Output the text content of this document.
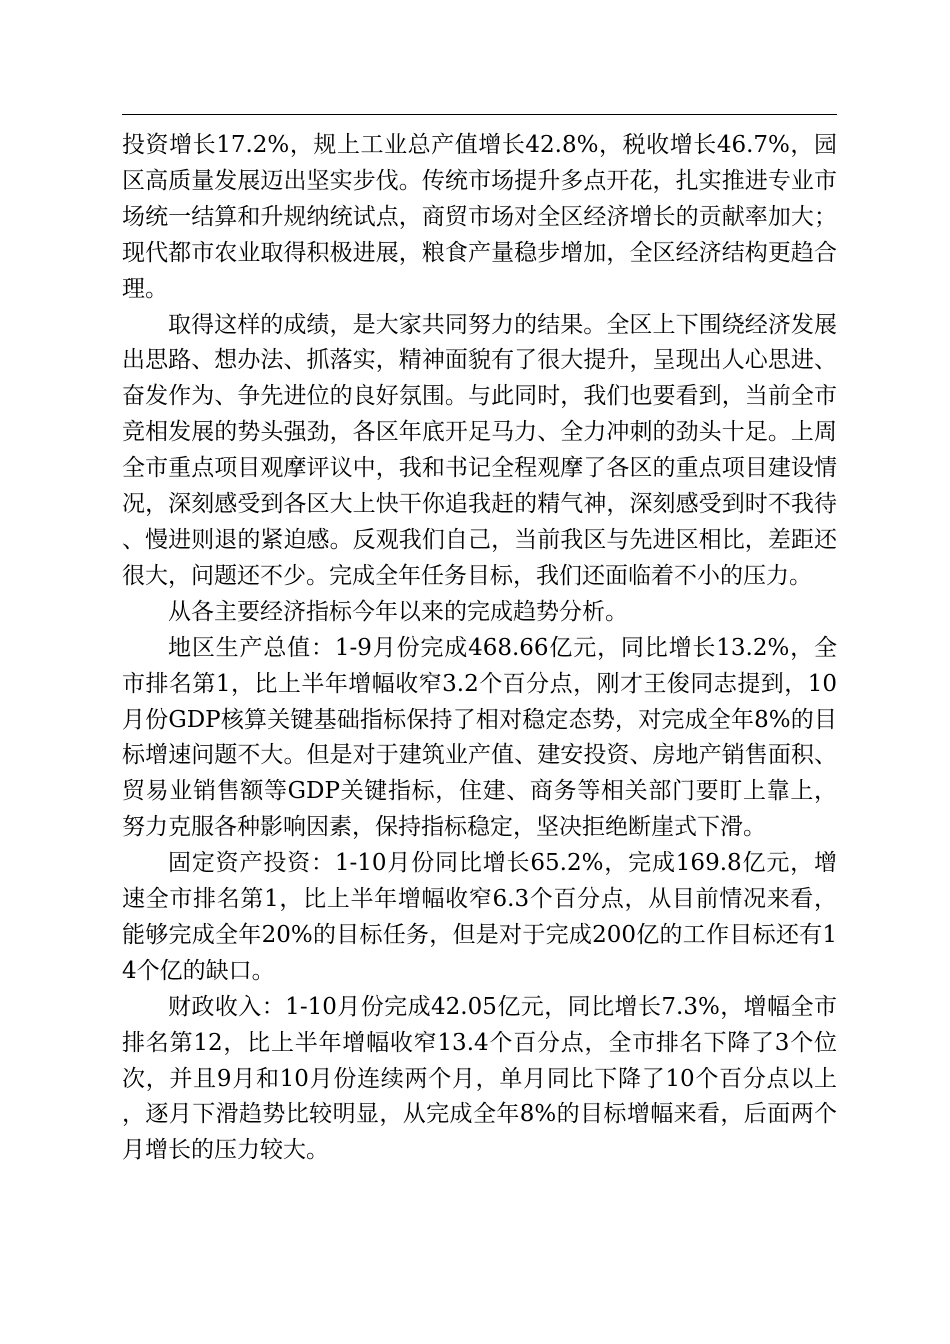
投资增长17.2%，规上工业总产值增长42.8%，税收增长46.7%，园区高质量发展迈出坚实步伐。传统市场提升多点开花，扎实推进专业市场统一结算和升规纳统试点，商贸市场对全区经济增长的贡献率加大；现代都市农业取得积极进展，粮食产量稳步增加，全区经济结构更趋合理。

取得这样的成绩，是大家共同努力的结果。全区上下围绕经济发展出思路、想办法、抓落实，精神面貌有了很大提升，呈现出人心思进、奋发作为、争先进位的良好氛围。与此同时，我们也要看到，当前全市竞相发展的势头强劲，各区年底开足马力、全力冲刺的劲头十足。上周全市重点项目观摩评议中，我和书记全程观摩了各区的重点项目建设情况，深刻感受到各区大上快干你追我赶的精气神，深刻感受到时不我待、慢进则退的紧迫感。反观我们自己，当前我区与先进区相比，差距还很大，问题还不少。完成全年任务目标，我们还面临着不小的压力。

从各主要经济指标今年以来的完成趋势分析。

地区生产总值：1-9月份完成468.66亿元，同比增长13.2%，全市排名第1，比上半年增幅收窄3.2个百分点，刚才王俊同志提到，10月份GDP核算关键基础指标保持了相对稳定态势，对完成全年8%的目标增速问题不大。但是对于建筑业产值、建安投资、房地产销售面积、贸易业销售额等GDP关键指标，住建、商务等相关部门要盯上靠上，努力克服各种影响因素，保持指标稳定，坚决拒绝断崖式下滑。

固定资产投资：1-10月份同比增长65.2%，完成169.8亿元，增速全市排名第1，比上半年增幅收窄6.3个百分点，从目前情况来看，能够完成全年20%的目标任务，但是对于完成200亿的工作目标还有14个亿的缺口。

财政收入：1-10月份完成42.05亿元，同比增长7.3%，增幅全市排名第12，比上半年增幅收窄13.4个百分点，全市排名下降了3个位次，并且9月和10月份连续两个月，单月同比下降了10个百分点以上，逐月下滑趋势比较明显，从完成全年8%的目标增幅来看，后面两个月增长的压力较大。
